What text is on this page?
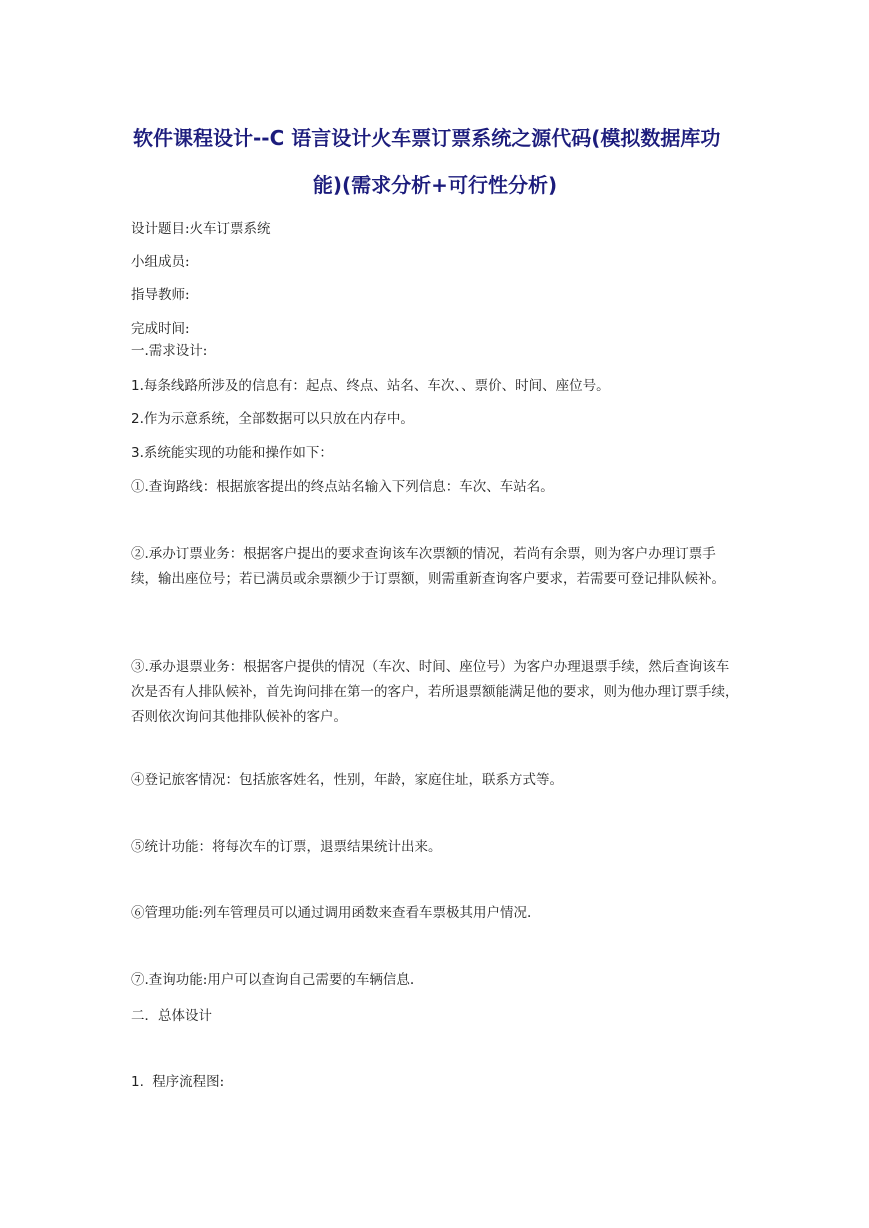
软件课程设计--C 语言设计火车票订票系统之源代码(模拟数据库功
能)(需求分析+可行性分析)
设计题目:火车订票系统
小组成员:
指导教师:
完成时间:
一.需求设计:
1.每条线路所涉及的信息有：起点、终点、站名、车次、、票价、时间、座位号。
2.作为示意系统，全部数据可以只放在内存中。
3.系统能实现的功能和操作如下：
①.查询路线：根据旅客提出的终点站名输入下列信息：车次、车站名。
②.承办订票业务：根据客户提出的要求查询该车次票额的情况，若尚有余票，则为客户办理订票手续，输出座位号；若已满员或余票额少于订票额，则需重新查询客户要求，若需要可登记排队候补。
③.承办退票业务：根据客户提供的情况（车次、时间、座位号）为客户办理退票手续，然后查询该车次是否有人排队候补，首先询问排在第一的客户，若所退票额能满足他的要求，则为他办理订票手续，否则依次询问其他排队候补的客户。
④登记旅客情况：包括旅客姓名，性别，年龄，家庭住址，联系方式等。
⑤统计功能：将每次车的订票，退票结果统计出来。
⑥管理功能:列车管理员可以通过调用函数来查看车票极其用户情况.
⑦.查询功能:用户可以查询自己需要的车辆信息.
二．总体设计
1. 程序流程图:
